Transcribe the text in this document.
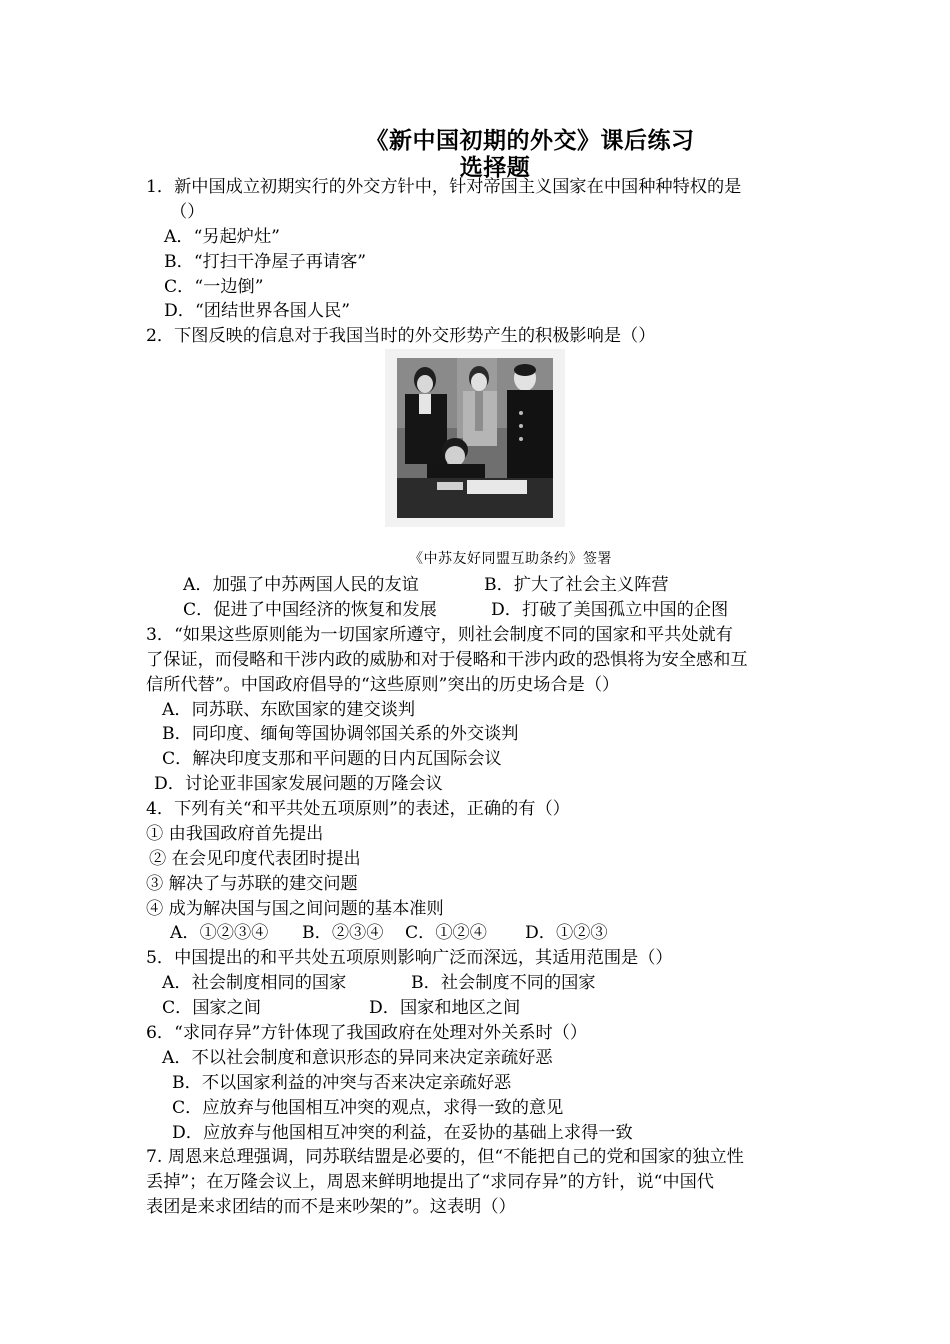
《新中国初期的外交》课后练习
选择题
1．新中国成立初期实行的外交方针中，针对帝国主义国家在中国种种特权的是
（）
A．“另起炉灶”
B．“打扫干净屋子再请客”
C．“一边倒”
D．“团结世界各国人民”
2．下图反映的信息对于我国当时的外交形势产生的积极影响是（）
《中苏友好同盟互助条约》签署
A．加强了中苏两国人民的友谊	B．扩大了社会主义阵营
C．促进了中国经济的恢复和发展	D．打破了美国孤立中国的企图
3．“如果这些原则能为一切国家所遵守，则社会制度不同的国家和平共处就有
了保证，而侵略和干涉内政的威胁和对于侵略和干涉内政的恐惧将为安全感和互
信所代替”。中国政府倡导的“这些原则”突出的历史场合是（）
A．同苏联、东欧国家的建交谈判
B．同印度、缅甸等国协调邻国关系的外交谈判
C．解决印度支那和平问题的日内瓦国际会议
D．讨论亚非国家发展问题的万隆会议
4．下列有关“和平共处五项原则”的表述，正确的有（）
① 由我国政府首先提出
② 在会见印度代表团时提出
③ 解决了与苏联的建交问题
④ 成为解决国与国之间问题的基本准则
A．①②③④ B．②③④ C．①②④ D．①②③
5．中国提出的和平共处五项原则影响广泛而深远，其适用范围是（）
A．社会制度相同的国家	B．社会制度不同的国家
C．国家之间	D．国家和地区之间
6．“求同存异”方针体现了我国政府在处理对外关系时（）
A．不以社会制度和意识形态的异同来决定亲疏好恶
B．不以国家利益的冲突与否来决定亲疏好恶
C．应放弃与他国相互冲突的观点，求得一致的意见
D．应放弃与他国相互冲突的利益，在妥协的基础上求得一致
7. 周恩来总理强调，同苏联结盟是必要的，但“不能把自己的党和国家的独立性
丢掉”；在万隆会议上，周恩来鲜明地提出了“求同存异”的方针，说“中国代
表团是来求团结的而不是来吵架的”。这表明（）
